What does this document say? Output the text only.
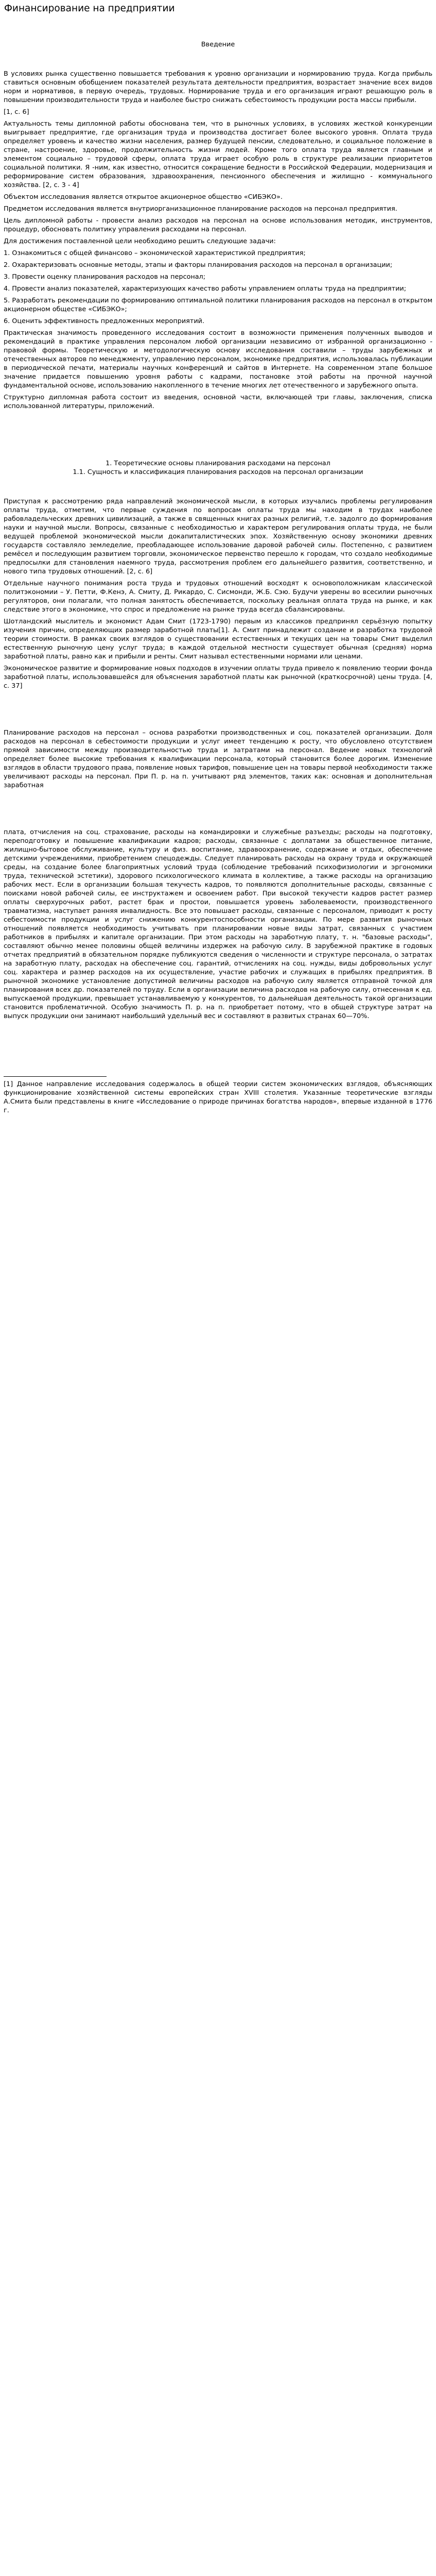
Финансирование на предприятии
Введение

В условиях рынка существенно повышается требования к уровню организации и нормированию труда. Когда прибыль ставиться основным обобщением показателей результата деятельности предприятия, возрастает значение всех видов норм и нормативов, в первую очередь, трудовых. Нормирование труда и его организация играют решающую роль в повышении производительности труда и наиболее быстро снижать себестоимость продукции роста массы прибыли.

[1, с. 6]

Актуальность темы дипломной работы обоснована тем, что в рыночных условиях, в условиях жесткой конкуренции выигрывает предприятие, где организация труда и производства достигает более высокого уровня. Оплата труда определяет уровень и качество жизни населения, размер будущей пенсии, следовательно, и социальное положение в стране, настроение, здоровье, продолжительность жизни людей. Кроме того оплата труда является главным и элементом социально – трудовой сферы, оплата труда играет особую роль в структуре реализации приоритетов социальной политики. Я -ним, как известно, относится сокращение бедности в Российской Федерации, модернизация и реформирование систем образования, здравоохранения, пенсионного обеспечения и жилищно - коммунального хозяйства. [2, с. 3 - 4]

Объектом исследования является открытое акционерное общество «СИБЭКО».

Предметом исследования является внутриорганизационное планирование расходов на персонал предприятия.

Цель дипломной работы - провести анализ расходов на персонал на основе использования методик, инструментов, процедур, обосновать политику управления расходами на персонал.

Для достижения поставленной цели необходимо решить следующие задачи:

1. Ознакомиться с общей финансово – экономической характеристикой предприятия;

2. Охарактеризовать основные методы, этапы и факторы планирования расходов на персонал в организации;

3. Провести оценку планирования расходов на персонал;

4. Провести анализ показателей, характеризующих качество работы управлением оплаты труда на предприятии;

5. Разработать рекомендации по формированию оптимальной политики планирования расходов на персонал в открытом акционерном обществе «СИБЭКО»;

6. Оценить эффективность предложенных мероприятий.

Практическая значимость проведенного исследования состоит в возможности применения полученных выводов и рекомендаций в практике управления персоналом любой организации независимо от избранной организационно - правовой формы. Теоретическую и методологическую основу исследования составили – труды зарубежных и отечественных авторов по менеджменту, управлению персоналом, экономике предприятия, использовалась публикации в периодической печати, материалы научных конференций и сайтов в Интернете. На современном этапе большое значение придается повышению уровня работы с кадрами, постановке этой работы на прочной научной фундаментальной основе, использованию накопленного в течение многих лет отечественного и зарубежного опыта.

Структурно дипломная работа состоит из введения, основной части, включающей три главы, заключения, списка использованной литературы, приложений.

1. Теоретические основы планирования расходами на персонал

1.1. Сущность и классификация планирования расходов на персонал организации

Приступая к рассмотрению ряда направлений экономической мысли, в которых изучались проблемы регулирования оплаты труда, отметим, что первые суждения по вопросам оплаты труда мы находим в трудах наиболее рабовладельческих древних цивилизаций, а также в священных книгах разных религий, т.е. задолго до формирования науки и научной мысли. Вопросы, связанные с необходимостью и характером регулирования оплаты труда, не были ведущей проблемой экономической мысли докапиталистических эпох. Хозяйственную основу экономики древних государств составляло земледелие, преобладающее использование даровой рабочей силы. Постепенно, с развитием ремёсел и последующим развитием торговли, экономическое первенство перешло к городам, что создало необходимые предпосылки для становления наемного труда, рассмотрения проблем его дальнейшего развития, соответственно, и нового типа трудовых отношений. [2, с. 6]

Отдельные научного понимания роста труда и трудовых отношений восходят к основоположникам классической политэкономии – У. Петти, Ф.Кенэ, А. Смиту, Д. Рикардо, С. Сисмонди, Ж.Б. Сэю. Будучи уверены во всесилии рыночных регуляторов, они полагали, что полная занятость обеспечивается, поскольку реальная оплата труда на рынке, и как следствие этого в экономике, что спрос и предложение на рынке труда всегда сбалансированы.

Шотландский мыслитель и экономист Адам Смит (1723-1790) первым из классиков предпринял серьёзную попытку изучения причин, определяющих размер заработной платы[1]. А. Смит принадлежит создание и разработка трудовой теории стоимости. В рамках своих взглядов о существовании естественных и текущих цен на товары Смит выделил естественную рыночную цену услуг труда; в каждой отдельной местности существует обычная (средняя) норма заработной платы, равно как и прибыли и ренты. Смит называл естественными нормами или ценами.

Экономическое развитие и формирование новых подходов в изучении оплаты труда привело к появлению теории фонда заработной платы, использовавшейся для объяснения заработной платы как рыночной (краткосрочной) цены труда. [4, с. 37]

Планирование расходов на персонал – основа разработки производственных и соц. показателей организации. Доля расходов на персонал в себестоимости продукции и услуг имеет тенденцию к росту, что обусловлено отсутствием прямой зависимости между производительностью труда и затратами на персонал. Ведение новых технологий определяет более высокие требования к квалификации персонала, который становится более дорогим. Изменение взглядов в области трудового права, появление новых тарифов, повышение цен на товары первой необходимости также увеличивают расходы на персонал. При П. р. на п. учитывают ряд элементов, таких как: основная и дополнительная заработная

плата, отчисления на соц. страхование, расходы на командировки и служебные разъезды; расходы на подготовку, переподготовку и повышение квалификации кадров; расходы, связанные с доплатами за общественное питание, жилищно-бытовое обслуживание, культуру и физ. воспитание, здравоохранение, содержание и отдых, обеспечение детскими учреждениями, приобретением спецодежды. Следует планировать расходы на охрану труда и окружающей среды, на создание более благоприятных условий труда (соблюдение требований психофизиологии и эргономики труда, технической эстетики), здорового психологического климата в коллективе, а также расходы на организацию рабочих мест. Если в организации большая текучесть кадров, то появляются дополнительные расходы, связанные с поисками новой рабочей силы, ее инструктажем и освоением работ. При высокой текучести кадров растет размер оплаты сверхурочных работ, растет брак и простои, повышается уровень заболеваемости, производственного травматизма, наступает ранняя инвалидность. Все это повышает расходы, связанные с персоналом, приводит к росту себестоимости продукции и услуг снижению конкурентоспособности организации. По мере развития рыночных отношений появляется необходимость учитывать при планировании новые виды затрат, связанных с участием работников в прибылях и капитале организации. При этом расходы на заработную плату, т. н. "базовые расходы", составляют обычно менее половины общей величины издержек на рабочую силу. В зарубежной практике в годовых отчетах предприятий в обязательном порядке публикуются сведения о численности и структуре персонала, о затратах на заработную плату, расходах на обеспечение соц. гарантий, отчислениях на соц. нужды, виды добровольных услуг соц. характера и размер расходов на их осуществление, участие рабочих и служащих в прибылях предприятия. В рыночной экономике установление допустимой величины расходов на рабочую силу является отправной точкой для планирования всех др. показателей по труду. Если в организации величина расходов на рабочую силу, отнесенная к ед. выпускаемой продукции, превышает устанавливаемую у конкурентов, то дальнейшая деятельность такой организации становится проблематичной. Особую значимость П. р. на п. приобретает потому, что в общей структуре затрат на выпуск продукции они занимают наибольший удельный вес и составляют в развитых странах 60—70%.

[1] Данное направление исследования содержалось в общей теории систем экономических взглядов, объясняющих функционирование хозяйственной системы европейских стран XVIII столетия. Указанные теоретические взгляды А.Смита были представлены в книге «Исследование о природе причинах богатства народов», впервые изданной в 1776 г.
